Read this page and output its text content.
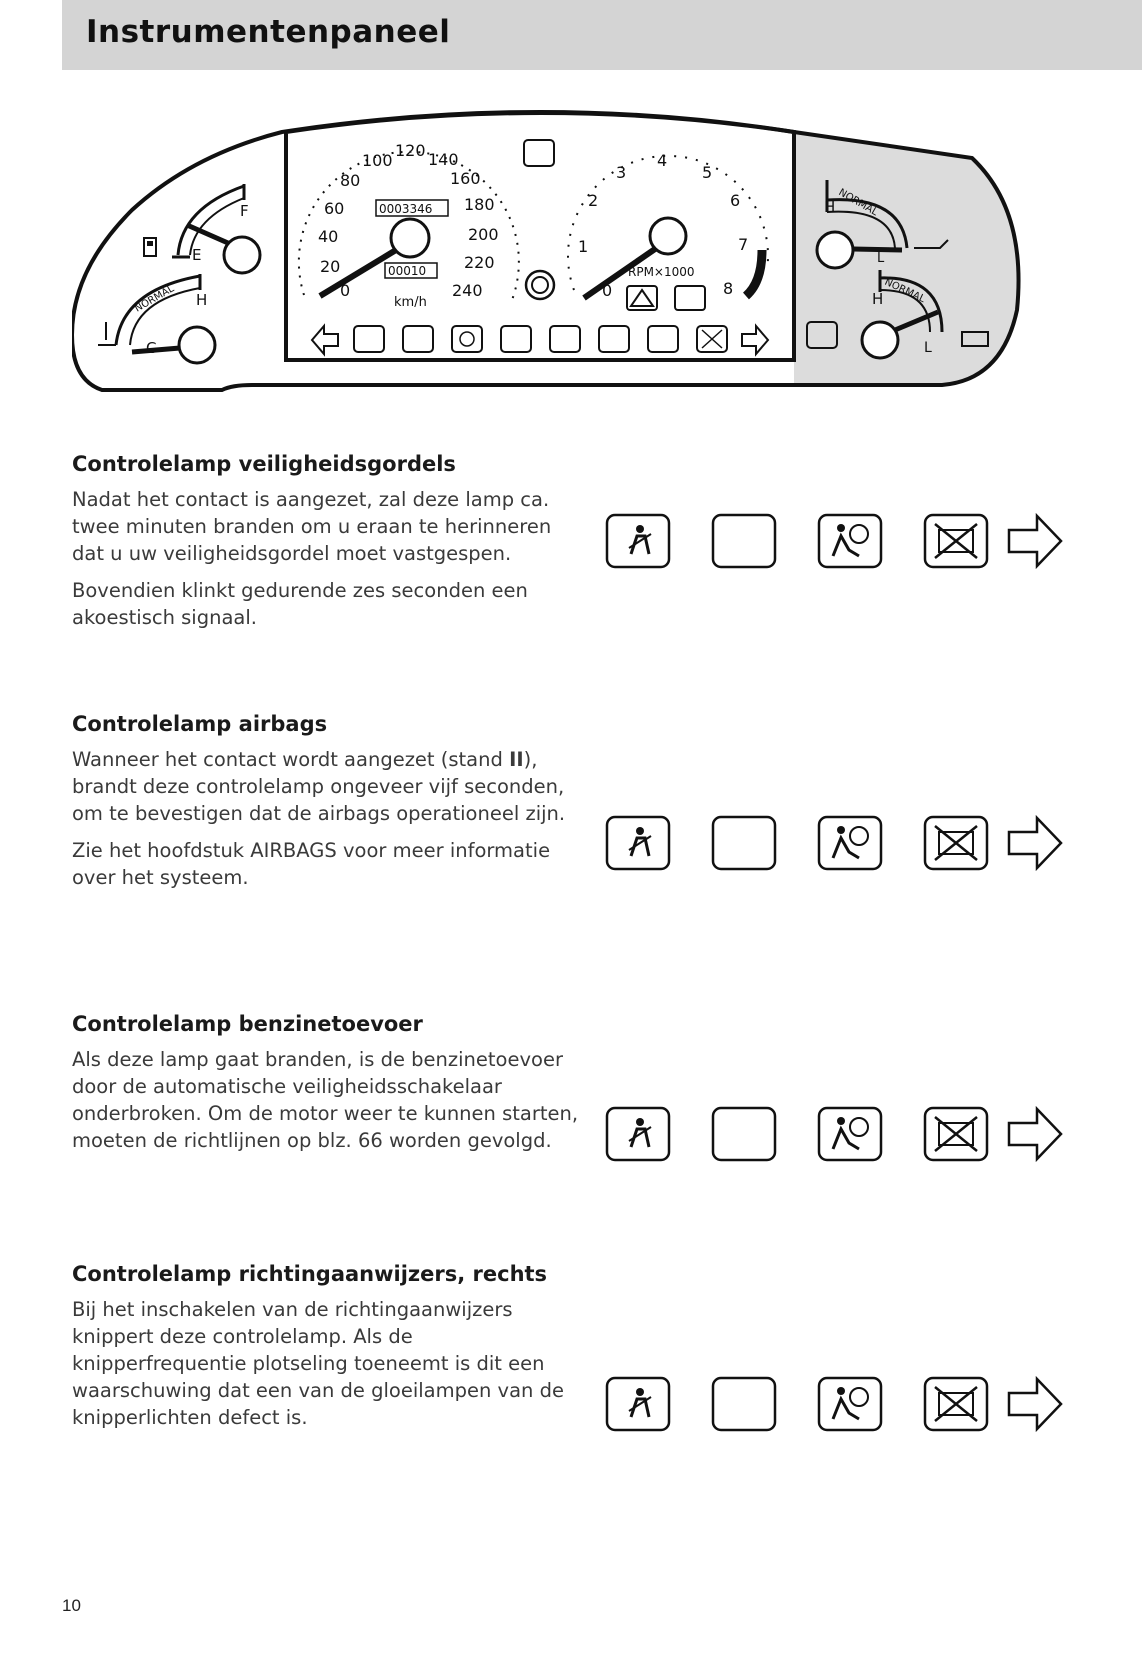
Instrumentenpaneel
F
E
NORMAL H
C
0
20
40
60
80
100
120 140
160
180
200
220
240
km/h
0003346
00010
0
1
2
3
4
5
6
7
8
RPM×1000
NORMAL
H
L
NORMAL
H
L
Controlelamp veiligheidsgordels

Nadat het contact is aangezet, zal deze lamp ca. twee minuten branden om u eraan te herinneren dat u uw veiligheidsgordel moet vastgespen.

Bovendien klinkt gedurende zes seconden een akoestisch signaal.

Controlelamp airbags

Wanneer het contact wordt aangezet (stand II), brandt deze controlelamp ongeveer vijf seconden, om te bevestigen dat de airbags operationeel zijn.

Zie het hoofdstuk AIRBAGS voor meer informatie over het systeem.

Controlelamp benzinetoevoer

Als deze lamp gaat branden, is de benzinetoevoer door de automatische veiligheidsschakelaar onderbroken. Om de motor weer te kunnen starten, moeten de richtlijnen op blz. 66 worden gevolgd.

Controlelamp richtingaanwijzers, rechts

Bij het inschakelen van de richtingaanwijzers knippert deze controlelamp. Als de knipperfrequentie plotseling toeneemt is dit een waarschuwing dat een van de gloeilampen van de knipperlichten defect is.

10
